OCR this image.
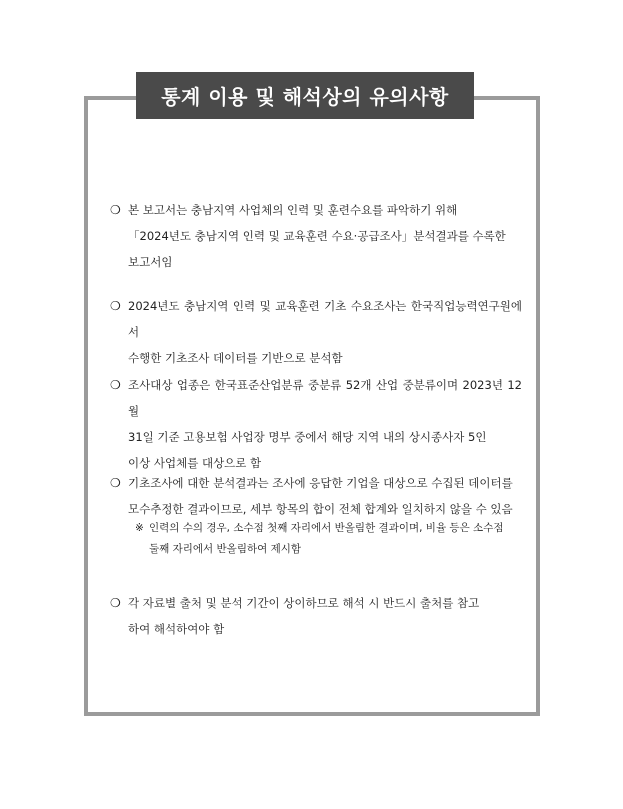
통계 이용 및 해석상의 유의사항
❍ 본 보고서는 충남지역 사업체의 인력 및 훈련수요를 파악하기 위해
「2024년도 충남지역 인력 및 교육훈련 수요·공급조사」분석결과를 수록한
보고서임
❍ 2024년도 충남지역 인력 및 교육훈련 기초 수요조사는 한국직업능력연구원에서
수행한 기초조사 데이터를 기반으로 분석함
❍ 조사대상 업종은 한국표준산업분류 중분류 52개 산업 중분류이며 2023년 12월
31일 기준 고용보험 사업장 명부 중에서 해당 지역 내의 상시종사자 5인
이상 사업체를 대상으로 함
❍ 기초조사에 대한 분석결과는 조사에 응답한 기업을 대상으로 수집된 데이터를
모수추정한 결과이므로, 세부 항목의 합이 전체 합계와 일치하지 않을 수 있음
※ 인력의 수의 경우, 소수점 첫째 자리에서 반올림한 결과이며, 비율 등은 소수점
둘째 자리에서 반올림하여 제시함
❍ 각 자료별 출처 및 분석 기간이 상이하므로 해석 시 반드시 출처를 참고
하여 해석하여야 함
